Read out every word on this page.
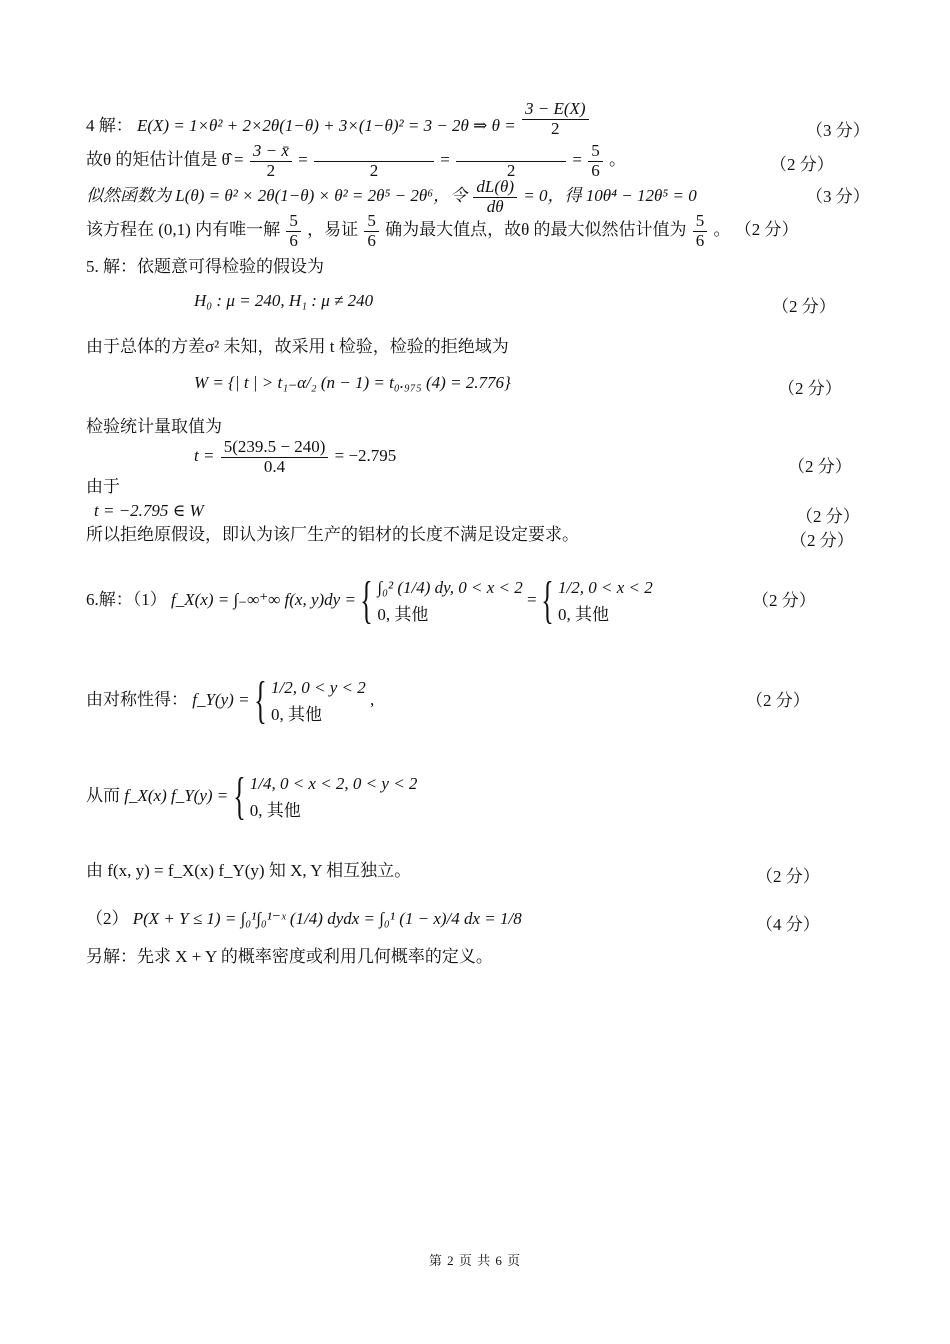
4 解： E(X) = 1×θ² + 2×2θ(1−θ) + 3×(1−θ)² = 3 − 2θ ⇒ $\theta = \frac{3 - E(X)}{2}$	（3 分）
故θ 的矩估计值是 θ̂ = $\frac{3 - x̄}{2}$ =
2
=
2
= $\frac{5}{6}$ 。	（2 分）
似然函数为 L(θ) = θ² × 2θ(1−θ) × θ² = 2θ⁵ − 2θ⁶，令 $\frac{dL(\theta)}{d\theta} = 0$，得 10θ⁴ − 12θ⁵ = 0	（3 分）
该方程在 (0,1) 内有唯一解 $\frac{5}{6}$ ，易证 $\frac{5}{6}$ 确为最大值点，故θ 的最大似然估计值为 $\frac{5}{6}$ 。 （2 分）
5. 解：依题意可得检验的假设为
H₀ : μ = 240, H₁ : μ ≠ 240	（2 分）
由于总体的方差σ² 未知，故采用 t 检验，检验的拒绝域为
W = {| t | > t₁₋α/₂ (n − 1) = t₀.₉₇₅ (4) = 2.776}	（2 分）
检验统计量取值为
$t = \frac{5(239.5 - 240)}{0.4} = -2.795$
（2 分）
由于
t = −2.795 ∈ W	（2 分）
所以拒绝原假设，即认为该厂生产的铝材的长度不满足设定要求。	（2 分）
6.解：（1） f_X(x) = ∫₋∞⁺∞ f(x, y)dy = { ∫₀² (1/4) dy, 0 < x < 2
0, 其他
= { 1/2, 0 < x < 2
0, 其他
（2 分）
由对称性得： f_Y(y) = { 1/2, 0 < y < 2
0, 其他
,	（2 分）
从而 f_X(x) f_Y(y) = { 1/4, 0 < x < 2, 0 < y < 2
0, 其他
由 f(x, y) = f_X(x) f_Y(y) 知 X, Y 相互独立。	（2 分）
（2） P(X + Y ≤ 1) = ∫₀¹∫₀¹⁻ˣ (1/4) dydx = ∫₀¹ (1 − x)/4 dx = 1/8	（4 分）
另解：先求 X + Y 的概率密度或利用几何概率的定义。
第 2 页 共 6 页
